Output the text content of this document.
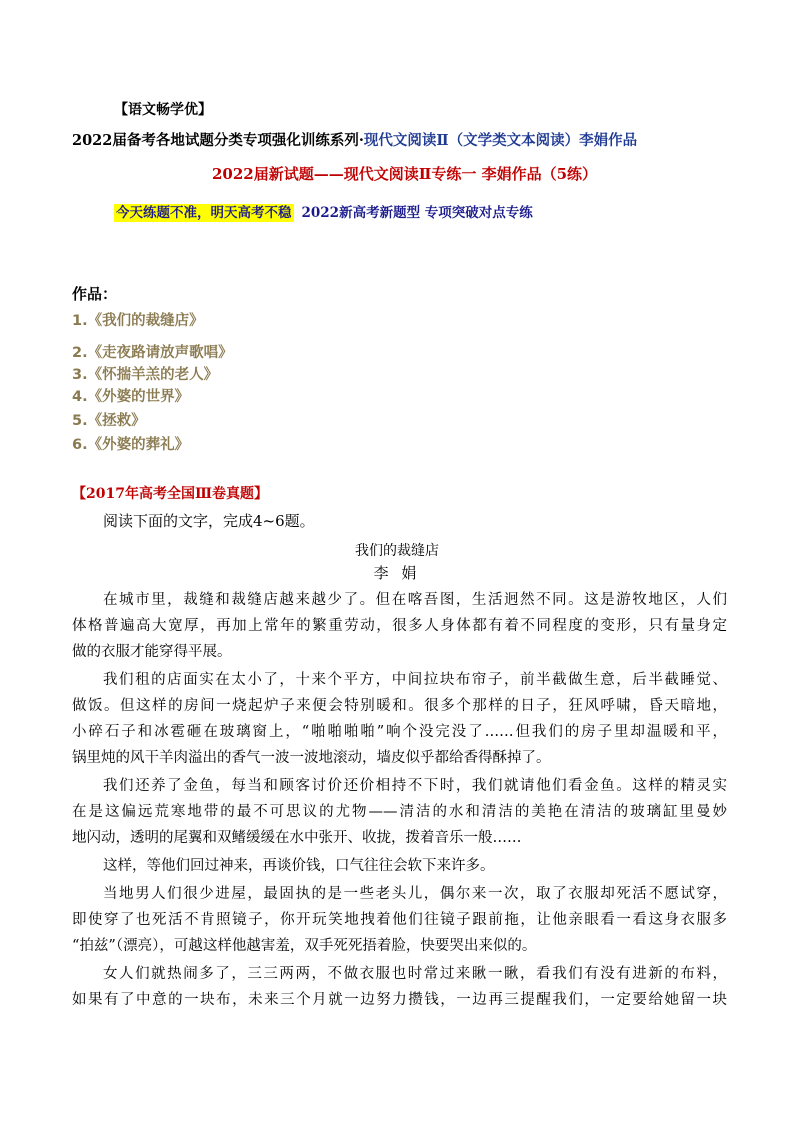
【语文畅学优】
2022届备考各地试题分类专项强化训练系列·现代文阅读Ⅱ（文学类文本阅读）李娟作品
2022届新试题——现代文阅读Ⅱ专练一 李娟作品（5练）
今天练题不准，明天高考不稳 2022新高考新题型 专项突破对点专练
作品：
1.《我们的裁缝店》
2.《走夜路请放声歌唱》
3.《怀揣羊羔的老人》
4.《外婆的世界》
5.《拯救》
6.《外婆的葬礼》
【2017年高考全国Ⅲ卷真题】
阅读下面的文字，完成4~6题。
我们的裁缝店
李 娟
在城市里，裁缝和裁缝店越来越少了。但在喀吾图，生活迥然不同。这是游牧地区，人们
体格普遍高大宽厚，再加上常年的繁重劳动，很多人身体都有着不同程度的变形，只有量身定
做的衣服才能穿得平展。
我们租的店面实在太小了，十来个平方，中间拉块布帘子，前半截做生意，后半截睡觉、
做饭。但这样的房间一烧起炉子来便会特别暖和。很多个那样的日子，狂风呼啸，昏天暗地，
小碎石子和冰雹砸在玻璃窗上，“啪啪啪啪”响个没完没了……但我们的房子里却温暖和平，
锅里炖的风干羊肉溢出的香气一波一波地滚动，墙皮似乎都给香得酥掉了。
我们还养了金鱼，每当和顾客讨价还价相持不下时，我们就请他们看金鱼。这样的精灵实
在是这偏远荒寒地带的最不可思议的尤物——清洁的水和清洁的美艳在清洁的玻璃缸里曼妙
地闪动，透明的尾翼和双鳍缓缓在水中张开、收拢，拨着音乐一般……
这样，等他们回过神来，再谈价钱，口气往往会软下来许多。
当地男人们很少进屋，最固执的是一些老头儿，偶尔来一次，取了衣服却死活不愿试穿，
即使穿了也死活不肯照镜子，你开玩笑地拽着他们往镜子跟前拖，让他亲眼看一看这身衣服多
“拍兹”（漂亮），可越这样他越害羞，双手死死捂着脸，快要哭出来似的。
女人们就热闹多了，三三两两，不做衣服也时常过来瞅一瞅，看我们有没有进新的布料，
如果有了中意的一块布，未来三个月就一边努力攒钱，一边再三提醒我们，一定要给她留一块
